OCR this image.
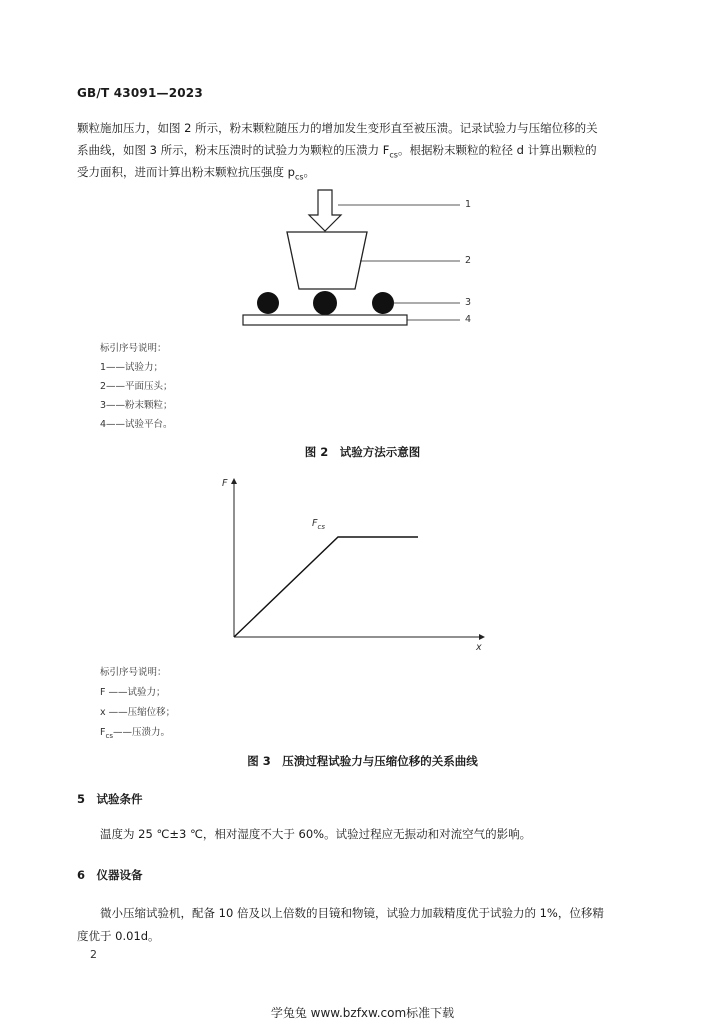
GB/T 43091—2023
颗粒施加压力，如图 2 所示，粉末颗粒随压力的增加发生变形直至被压溃。记录试验力与压缩位移的关
系曲线，如图 3 所示，粉末压溃时的试验力为颗粒的压溃力 $F_{cs}$。根据粉末颗粒的粒径 d 计算出颗粒的
受力面积，进而计算出粉末颗粒抗压强度 $p_{cs}$。
1
2
3
4
标引序号说明：
1——试验力；
2——平面压头；
3——粉末颗粒；
4——试验平台。
图 2　试验方法示意图
F
x
$F_{cs}$
标引序号说明：
F ——试验力；
x ——压缩位移；
$F_{cs}——$压溃力。
图 3　压溃过程试验力与压缩位移的关系曲线
5　试验条件
温度为 25 ℃±3 ℃，相对湿度不大于 60%。试验过程应无振动和对流空气的影响。
6　仪器设备
微小压缩试验机，配备 10 倍及以上倍数的目镜和物镜，试验力加载精度优于试验力的 1%，位移精
度优于 0.01d。
2
学兔兔 www.bzfxw.com标准下载
